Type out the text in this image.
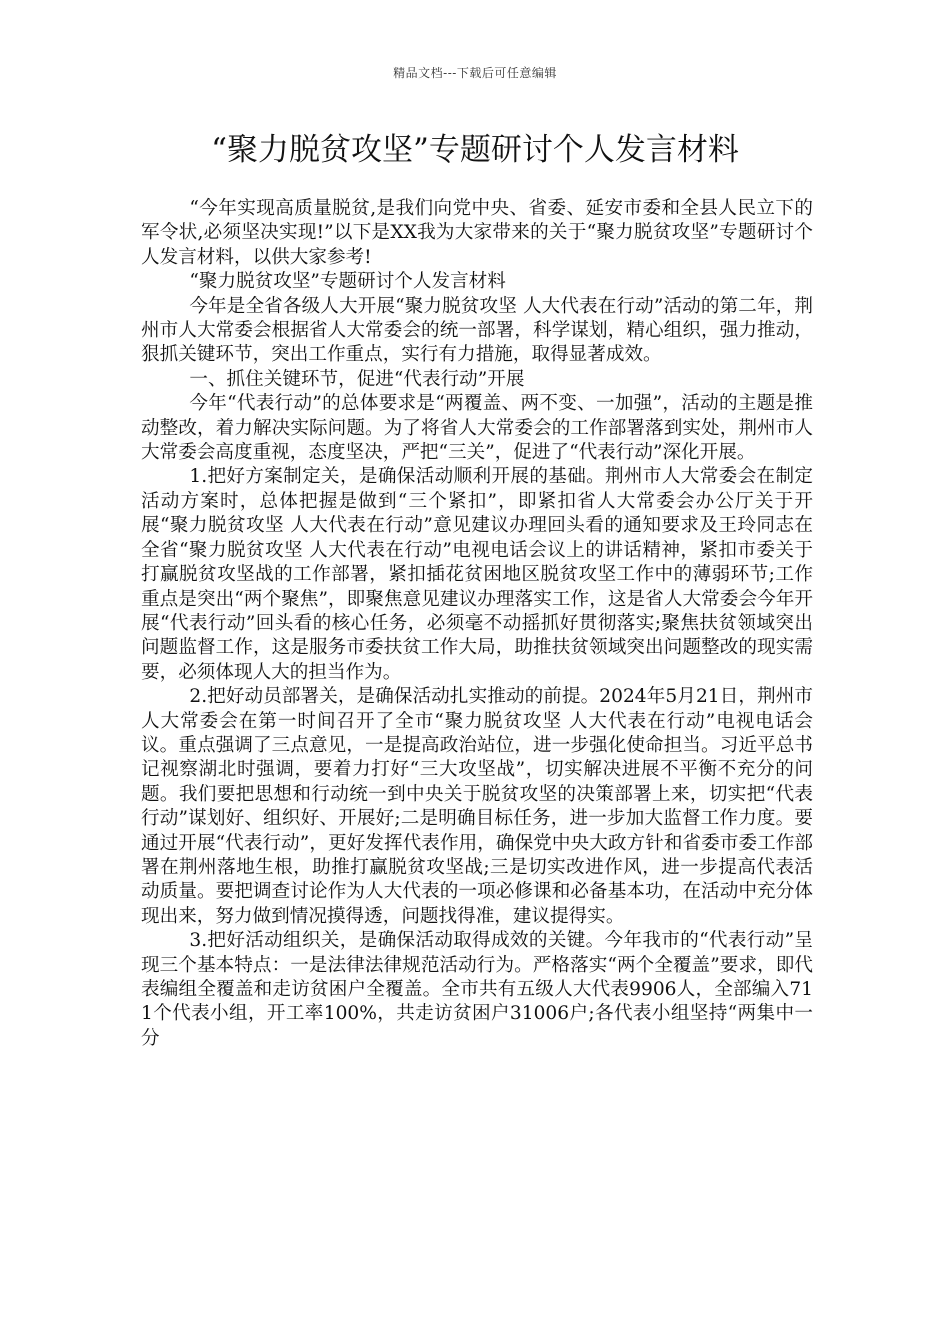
精品文档---下载后可任意编辑
“聚力脱贫攻坚”专题研讨个人发言材料

“今年实现高质量脱贫,是我们向党中央、省委、延安市委和全县人民立下的军令状,必须坚决实现!”以下是XX我为大家带来的关于“聚力脱贫攻坚”专题研讨个人发言材料，以供大家参考!

“聚力脱贫攻坚”专题研讨个人发言材料

今年是全省各级人大开展“聚力脱贫攻坚 人大代表在行动”活动的第二年，荆州市人大常委会根据省人大常委会的统一部署，科学谋划，精心组织，强力推动，狠抓关键环节，突出工作重点，实行有力措施，取得显著成效。

一、抓住关键环节，促进“代表行动”开展

今年“代表行动”的总体要求是“两覆盖、两不变、一加强”，活动的主题是推动整改，着力解决实际问题。为了将省人大常委会的工作部署落到实处，荆州市人大常委会高度重视，态度坚决，严把“三关”，促进了“代表行动”深化开展。

1.把好方案制定关，是确保活动顺利开展的基础。荆州市人大常委会在制定活动方案时，总体把握是做到“三个紧扣”，即紧扣省人大常委会办公厅关于开展“聚力脱贫攻坚 人大代表在行动”意见建议办理回头看的通知要求及王玲同志在全省“聚力脱贫攻坚 人大代表在行动”电视电话会议上的讲话精神，紧扣市委关于打赢脱贫攻坚战的工作部署，紧扣插花贫困地区脱贫攻坚工作中的薄弱环节;工作重点是突出“两个聚焦”，即聚焦意见建议办理落实工作，这是省人大常委会今年开展“代表行动”回头看的核心任务，必须毫不动摇抓好贯彻落实;聚焦扶贫领域突出问题监督工作，这是服务市委扶贫工作大局，助推扶贫领域突出问题整改的现实需要，必须体现人大的担当作为。

2.把好动员部署关，是确保活动扎实推动的前提。2024年5月21日，荆州市人大常委会在第一时间召开了全市“聚力脱贫攻坚 人大代表在行动”电视电话会议。重点强调了三点意见，一是提高政治站位，进一步强化使命担当。习近平总书记视察湖北时强调，要着力打好“三大攻坚战”，切实解决进展不平衡不充分的问题。我们要把思想和行动统一到中央关于脱贫攻坚的决策部署上来，切实把“代表行动”谋划好、组织好、开展好;二是明确目标任务，进一步加大监督工作力度。要通过开展“代表行动”，更好发挥代表作用，确保党中央大政方针和省委市委工作部署在荆州落地生根，助推打赢脱贫攻坚战;三是切实改进作风，进一步提高代表活动质量。要把调查讨论作为人大代表的一项必修课和必备基本功，在活动中充分体现出来，努力做到情况摸得透，问题找得准，建议提得实。

3.把好活动组织关，是确保活动取得成效的关键。今年我市的“代表行动”呈现三个基本特点：一是法律法律规范活动行为。严格落实“两个全覆盖”要求，即代表编组全覆盖和走访贫困户全覆盖。全市共有五级人大代表9906人，全部编入711个代表小组，开工率100%，共走访贫困户31006户;各代表小组坚持“两集中一分
